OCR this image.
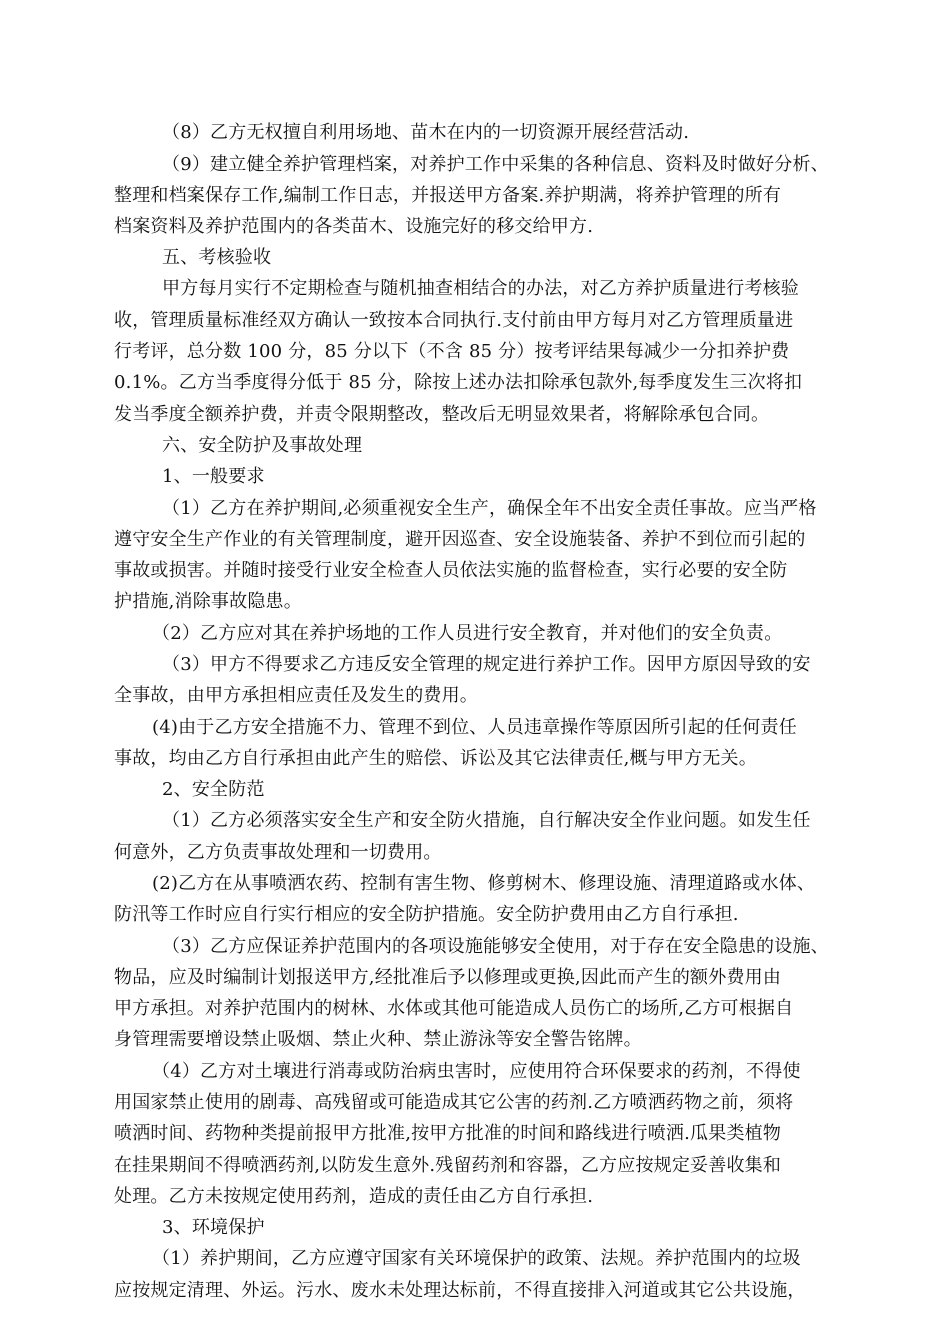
（8）乙方无权擅自利用场地、苗木在内的一切资源开展经营活动.
（9）建立健全养护管理档案，对养护工作中采集的各种信息、资料及时做好分析、
整理和档案保存工作,编制工作日志，并报送甲方备案.养护期满，将养护管理的所有
档案资料及养护范围内的各类苗木、设施完好的移交给甲方.
五、考核验收
甲方每月实行不定期检查与随机抽查相结合的办法，对乙方养护质量进行考核验
收，管理质量标准经双方确认一致按本合同执行.支付前由甲方每月对乙方管理质量进
行考评，总分数 100 分，85 分以下（不含 85 分）按考评结果每减少一分扣养护费
0.1%。乙方当季度得分低于 85 分，除按上述办法扣除承包款外,每季度发生三次将扣
发当季度全额养护费，并责令限期整改，整改后无明显效果者，将解除承包合同。
六、安全防护及事故处理
1、一般要求
（1）乙方在养护期间,必须重视安全生产，确保全年不出安全责任事故。应当严格
遵守安全生产作业的有关管理制度，避开因巡查、安全设施装备、养护不到位而引起的
事故或损害。并随时接受行业安全检查人员依法实施的监督检查，实行必要的安全防
护措施,消除事故隐患。
（2）乙方应对其在养护场地的工作人员进行安全教育，并对他们的安全负责。
（3）甲方不得要求乙方违反安全管理的规定进行养护工作。因甲方原因导致的安
全事故，由甲方承担相应责任及发生的费用。
(4)由于乙方安全措施不力、管理不到位、人员违章操作等原因所引起的任何责任
事故，均由乙方自行承担由此产生的赔偿、诉讼及其它法律责任,概与甲方无关。
2、安全防范
（1）乙方必须落实安全生产和安全防火措施，自行解决安全作业问题。如发生任
何意外，乙方负责事故处理和一切费用。
(2)乙方在从事喷洒农药、控制有害生物、修剪树木、修理设施、清理道路或水体、
防汛等工作时应自行实行相应的安全防护措施。安全防护费用由乙方自行承担.
（3）乙方应保证养护范围内的各项设施能够安全使用，对于存在安全隐患的设施、
物品，应及时编制计划报送甲方,经批准后予以修理或更换,因此而产生的额外费用由
甲方承担。对养护范围内的树林、水体或其他可能造成人员伤亡的场所,乙方可根据自
身管理需要增设禁止吸烟、禁止火种、禁止游泳等安全警告铭牌。
（4）乙方对土壤进行消毒或防治病虫害时，应使用符合环保要求的药剂，不得使
用国家禁止使用的剧毒、高残留或可能造成其它公害的药剂.乙方喷洒药物之前，须将
喷洒时间、药物种类提前报甲方批准,按甲方批准的时间和路线进行喷洒.瓜果类植物
在挂果期间不得喷洒药剂,以防发生意外.残留药剂和容器，乙方应按规定妥善收集和
处理。乙方未按规定使用药剂，造成的责任由乙方自行承担.
3、环境保护
（1）养护期间，乙方应遵守国家有关环境保护的政策、法规。养护范围内的垃圾
应按规定清理、外运。污水、废水未处理达标前，不得直接排入河道或其它公共设施，
